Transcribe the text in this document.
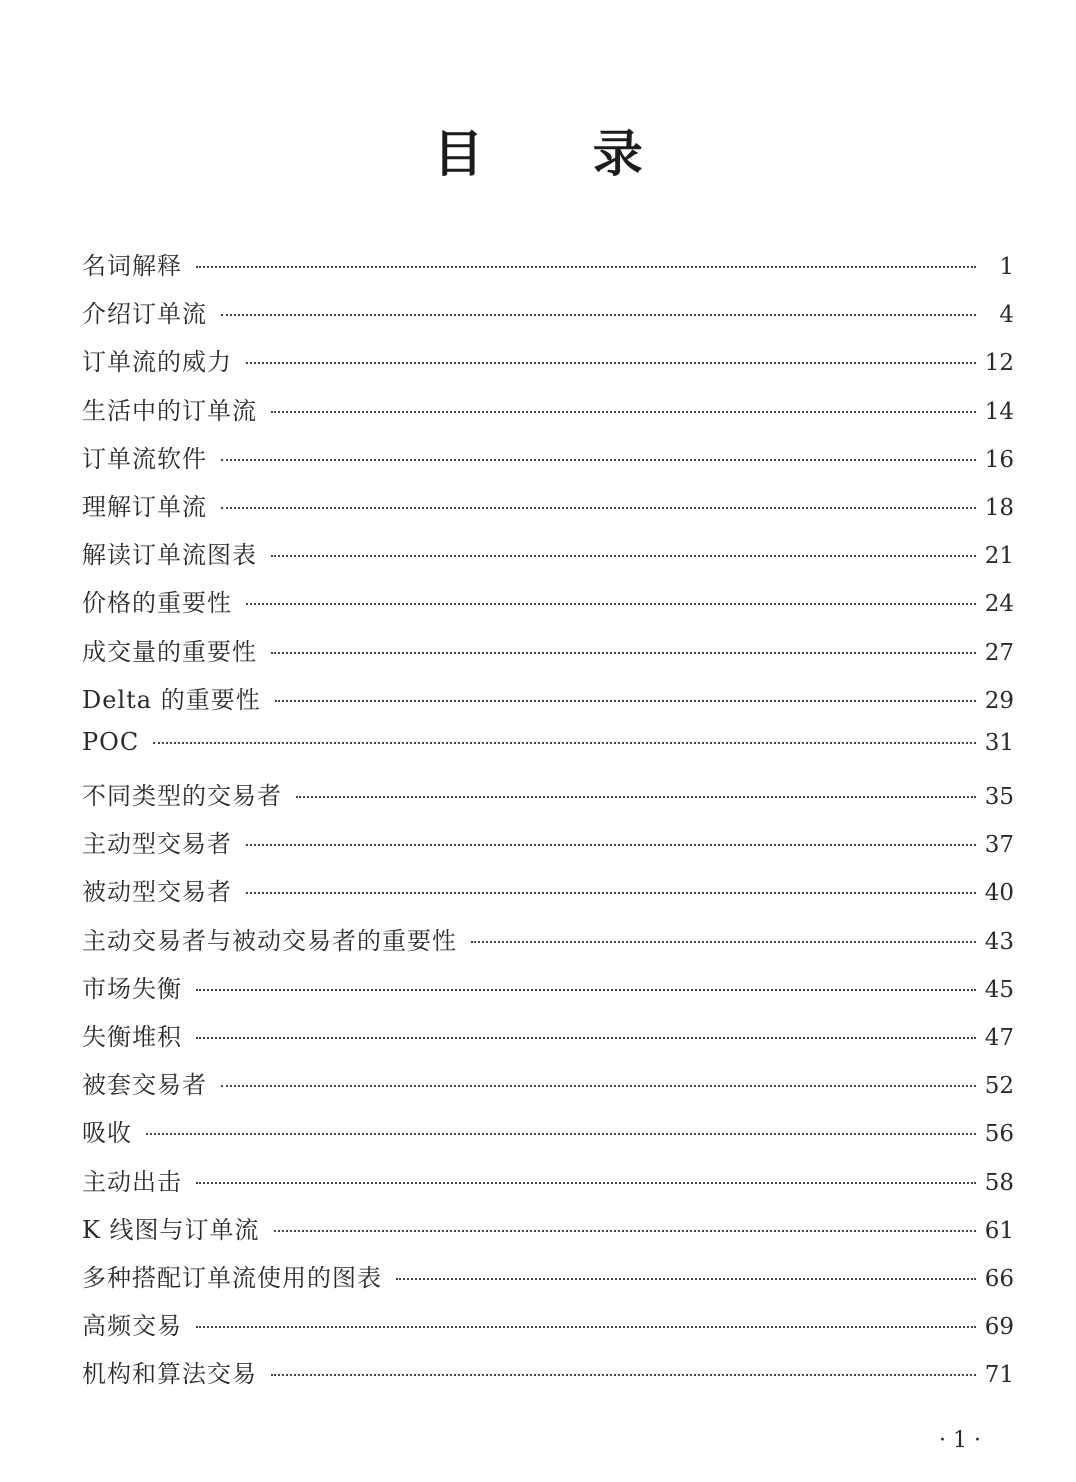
目 录
名词解释	1
介绍订单流	4
订单流的威力	12
生活中的订单流	14
订单流软件	16
理解订单流	18
解读订单流图表	21
价格的重要性	24
成交量的重要性	27
Delta 的重要性	29
POC	31
不同类型的交易者	35
主动型交易者	37
被动型交易者	40
主动交易者与被动交易者的重要性	43
市场失衡	45
失衡堆积	47
被套交易者	52
吸收	56
主动出击	58
K 线图与订单流	61
多种搭配订单流使用的图表	66
高频交易	69
机构和算法交易	71
· 1 ·
